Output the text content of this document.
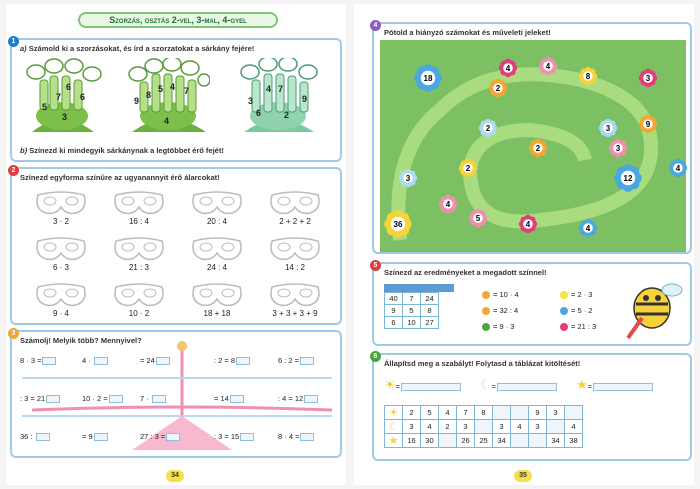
Szorzás, osztás 2-vel, 3-mal, 4-gyel
1
a) Számold ki a szorzásokat, és írd a szorzatokat a sárkány fejére!
6
7
5
3
6	9
8
5 4 7
4
3
4 7
9
6	2
b) Színezd ki mindegyik sárkánynak a legtöbbet érő fejét!
2
Színezd egyforma színűre az ugyanannyit érő álarcokat!
3 · 2	16 : 4	20 : 4	2 + 2 + 2
6 · 3	21 : 3	24 : 4	14 : 2
9 · 4	10 · 2	18 + 18	3 + 3 + 3 + 9
3
Számolj! Melyik több? Mennyivel?
8 · 3 =	4 ·	= 24	: 2 = 8	6 : 2 =
: 3 = 21	10 · 2 =	7 ·	= 14	: 4 = 12
36 :	= 9	27 : 3 =	: 3 = 15	8 · 4 =
34
4
Pótold a hiányzó számokat és műveleti jeleket!
18
4
8	3
2	9
12
4
36	4
3
2
4
3
2
4
3
2
4
5
5
Színezd az eredményeket a megadott színnel!
40	7	24
9	5	8
6	10	27
= 10 · 4
= 32 : 4
= 9 · 3
= 2 · 3
= 5 · 2
= 21 : 3
6
Állapítsd meg a szabályt! Folytasd a táblázat kitöltését!
☀=	☾=	★=
☀	2	5	4	7	8			9	3	
☾	3	4	2	3		3	4	3		4
★	16	30		26	25	34			34	38
35
